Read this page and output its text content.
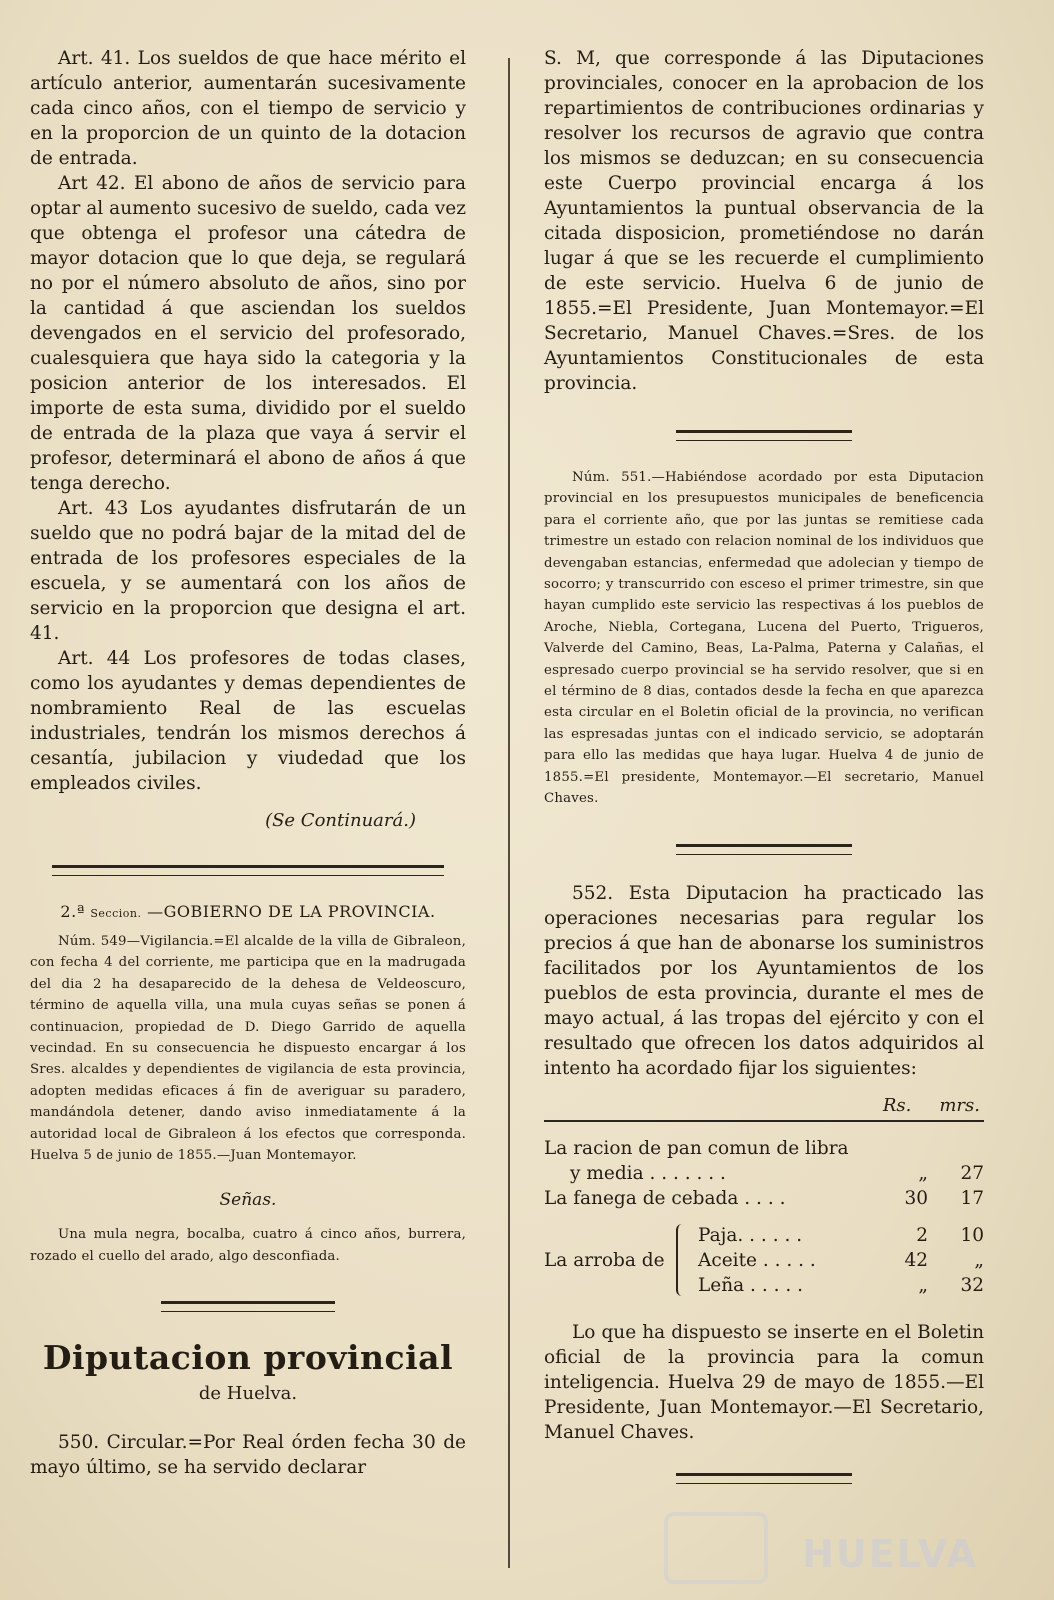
Art. 41. Los sueldos de que hace mérito el artículo anterior, aumentarán sucesivamente cada cinco años, con el tiempo de servicio y en la proporcion de un quinto de la dotacion de entrada.

Art 42. El abono de años de servicio para optar al aumento sucesivo de sueldo, cada vez que obtenga el profesor una cátedra de mayor dotacion que lo que deja, se regulará no por el número absoluto de años, sino por la cantidad á que asciendan los sueldos devengados en el servicio del profesorado, cualesquiera que haya sido la categoria y la posicion anterior de los interesados. El importe de esta suma, dividido por el sueldo de entrada de la plaza que vaya á servir el profesor, determinará el abono de años á que tenga derecho.

Art. 43 Los ayudantes disfrutarán de un sueldo que no podrá bajar de la mitad del de entrada de los profesores especiales de la escuela, y se aumentará con los años de servicio en la proporcion que designa el art. 41.

Art. 44 Los profesores de todas clases, como los ayudantes y demas dependientes de nombramiento Real de las escuelas industriales, tendrán los mismos derechos á cesantía, jubilacion y viudedad que los empleados civiles.

(Se Continuará.)
2.ª Seccion. —GOBIERNO DE LA PROVINCIA.

Núm. 549—Vigilancia.=El alcalde de la villa de Gibraleon, con fecha 4 del corriente, me participa que en la madrugada del dia 2 ha desaparecido de la dehesa de Veldeoscuro, término de aquella villa, una mula cuyas señas se ponen á continuacion, propiedad de D. Diego Garrido de aquella vecindad. En su consecuencia he dispuesto encargar á los Sres. alcaldes y dependientes de vigilancia de esta provincia, adopten medidas eficaces á fin de averiguar su paradero, mandándola detener, dando aviso inmediatamente á la autoridad local de Gibraleon á los efectos que corresponda. Huelva 5 de junio de 1855.—Juan Montemayor.

Señas.

Una mula negra, bocalba, cuatro á cinco años, burrera, rozado el cuello del arado, algo desconfiada.

Diputacion provincial
de Huelva.

550. Circular.=Por Real órden fecha 30 de mayo último, se ha servido declarar

S. M, que corresponde á las Diputaciones provinciales, conocer en la aprobacion de los repartimientos de contribuciones ordinarias y resolver los recursos de agravio que contra los mismos se deduzcan; en su consecuencia este Cuerpo provincial encarga á los Ayuntamientos la puntual observancia de la citada disposicion, prometiéndose no darán lugar á que se les recuerde el cumplimiento de este servicio. Huelva 6 de junio de 1855.=El Presidente, Juan Montemayor.=El Secretario, Manuel Chaves.=Sres. de los Ayuntamientos Constitucionales de esta provincia.

Núm. 551.—Habiéndose acordado por esta Diputacion provincial en los presupuestos municipales de beneficencia para el corriente año, que por las juntas se remitiese cada trimestre un estado con relacion nominal de los individuos que devengaban estancias, enfermedad que adolecian y tiempo de socorro; y transcurrido con esceso el primer trimestre, sin que hayan cumplido este servicio las respectivas á los pueblos de Aroche, Niebla, Cortegana, Lucena del Puerto, Trigueros, Valverde del Camino, Beas, La-Palma, Paterna y Calañas, el espresado cuerpo provincial se ha servido resolver, que si en el término de 8 dias, contados desde la fecha en que aparezca esta circular en el Boletin oficial de la provincia, no verifican las espresadas juntas con el indicado servicio, se adoptarán para ello las medidas que haya lugar. Huelva 4 de junio de 1855.=El presidente, Montemayor.—El secretario, Manuel Chaves.

552. Esta Diputacion ha practicado las operaciones necesarias para regular los precios á que han de abonarse los suministros facilitados por los Ayuntamientos de los pueblos de esta provincia, durante el mes de mayo actual, á las tropas del ejército y con el resultado que ofrecen los datos adquiridos al intento ha acordado fijar los siguientes:

Rs. mrs.
La racion de pan comun de libra
y media . . . . . . .	„	27
La fanega de cebada . . . .	30	17
La arroba de
Paja. . . . . .	2	10
Aceite . . . . .	42	„
Leña . . . . .	„	32

Lo que ha dispuesto se inserte en el Boletin oficial de la provincia para la comun inteligencia. Huelva 29 de mayo de 1855.—El Presidente, Juan Montemayor.—El Secretario, Manuel Chaves.

HUELVA
